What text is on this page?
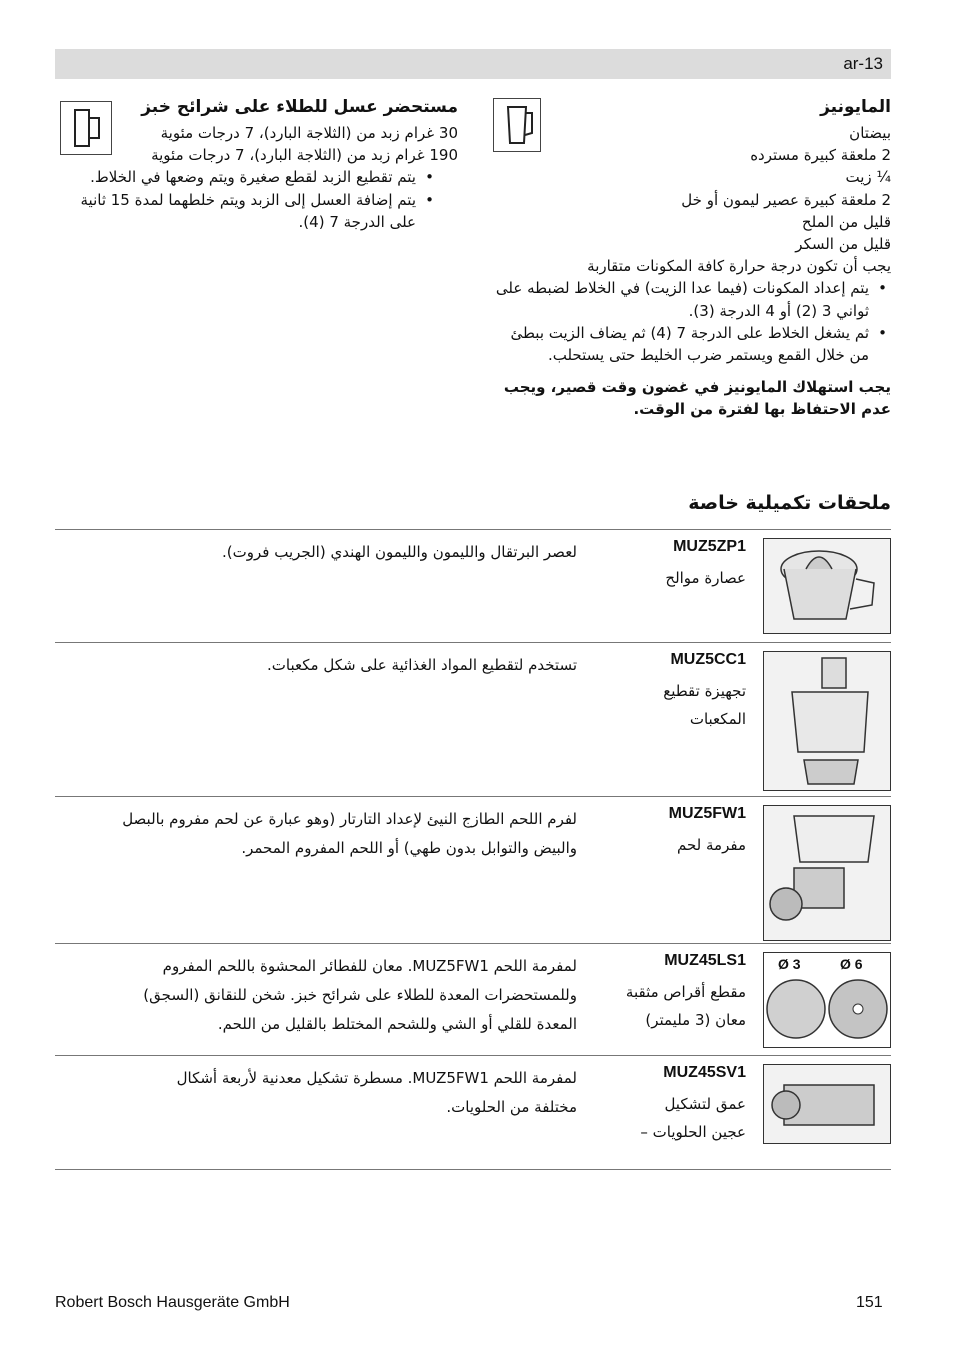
ar-13
المايونيز
بيضتان
2 ملعقة كبيرة مسترده
¼ زيت
2 ملعقة كبيرة عصير ليمون أو خل
قليل من الملح
قليل من السكر
يجب أن تكون درجة حرارة كافة المكونات متقاربة
• يتم إعداد المكونات (فيما عدا الزيت) في الخلاط لضبطه على ثواني 3 (2) أو 4 الدرجة (3).
• ثم يشغل الخلاط على الدرجة 7 (4) ثم يضاف الزيت ببطئ من خلال القمع ويستمر ضرب الخليط حتى يستحلب.
يجب استهلاك المايونيز في غضون وقت قصير، ويجب عدم الاحتفاظ بها لفترة من الوقت.
مستحضر عسل للطلاء على شرائح خبز
30 غرام زبد من (الثلاجة البارد)، 7 درجات مئوية
190 غرام زبد من (الثلاجة البارد)، 7 درجات مئوية
• يتم تقطيع الزبد لقطع صغيرة ويتم وضعها في الخلاط.
• يتم إضافة العسل إلى الزبد ويتم خلطهما لمدة 15 ثانية على الدرجة 7 (4).
ملحقات تكميلية خاصة
لعصر البرتقال والليمون والليمون الهندي (الجريب فروت).	MUZ5ZP1
عصارة موالح
تستخدم لتقطيع المواد الغذائية على شكل مكعبات.	MUZ5CC1
تجهيزة تقطيع
المكعبات
لفرم اللحم الطازج النيئ لإعداد التارتار (وهو عبارة عن لحم مفروم بالبصل
والبيض والتوابل بدون طهي) أو اللحم المفروم المحمر.
MUZ5FW1
مفرمة لحم
لمفرمة اللحم MUZ5FW1. معان للفطائر المحشوة باللحم المفروم
وللمستحضرات المعدة للطلاء على شرائح خبز. شخن للنقانق (السجق)
المعدة للقلي أو الشي وللشحم المختلط بالقليل من اللحم.
MUZ45LS1
مقطع أقراص مثقبة
معان (3 مليمتر)
Ø 3	Ø 6
لمفرمة اللحم MUZ5FW1. مسطرة تشكيل معدنية لأربعة أشكال
مختلفة من الحلويات.
MUZ45SV1
عمق لتشكيل
عجين الحلويات –
Robert Bosch Hausgeräte GmbH	151
